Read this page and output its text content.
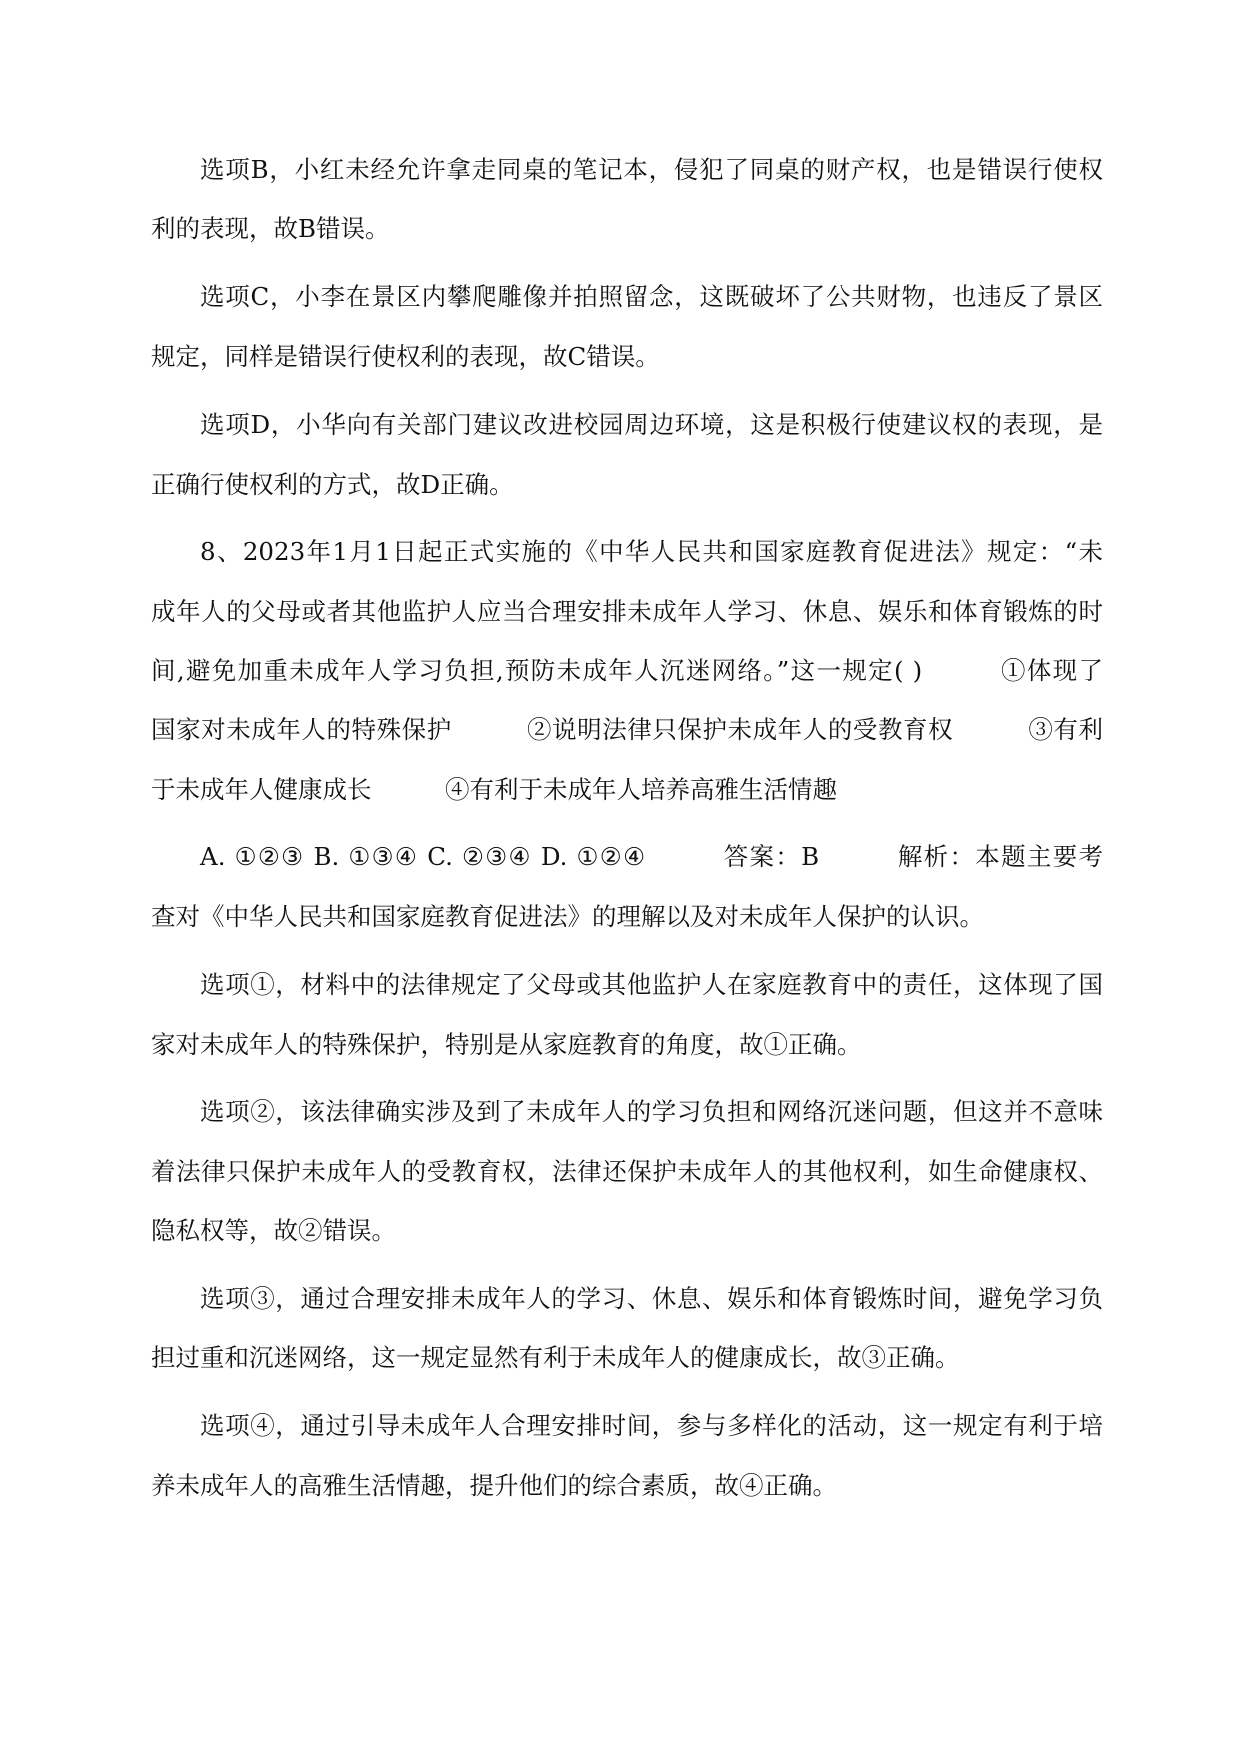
选项B，小红未经允许拿走同桌的笔记本，侵犯了同桌的财产权，也是错误行使权
利的表现，故B错误。
选项C，小李在景区内攀爬雕像并拍照留念，这既破坏了公共财物，也违反了景区
规定，同样是错误行使权利的表现，故C错误。
选项D，小华向有关部门建议改进校园周边环境，这是积极行使建议权的表现，是
正确行使权利的方式，故D正确。
8、2023年1月1日起正式实施的《中华人民共和国家庭教育促进法》规定：“未
成年人的父母或者其他监护人应当合理安排未成年人学习、休息、娱乐和体育锻炼的时
间,避免加重未成年人学习负担,预防未成年人沉迷网络。”这一规定( )　　　①体现了
国家对未成年人的特殊保护　　　②说明法律只保护未成年人的受教育权　　　③有利
于未成年人健康成长　　　④有利于未成年人培养高雅生活情趣
A. ①②③ B. ①③④ C. ②③④ D. ①②④　　　答案：B　　　解析：本题主要考
查对《中华人民共和国家庭教育促进法》的理解以及对未成年人保护的认识。
选项①，材料中的法律规定了父母或其他监护人在家庭教育中的责任，这体现了国
家对未成年人的特殊保护，特别是从家庭教育的角度，故①正确。
选项②，该法律确实涉及到了未成年人的学习负担和网络沉迷问题，但这并不意味
着法律只保护未成年人的受教育权，法律还保护未成年人的其他权利，如生命健康权、
隐私权等，故②错误。
选项③，通过合理安排未成年人的学习、休息、娱乐和体育锻炼时间，避免学习负
担过重和沉迷网络，这一规定显然有利于未成年人的健康成长，故③正确。
选项④，通过引导未成年人合理安排时间，参与多样化的活动，这一规定有利于培
养未成年人的高雅生活情趣，提升他们的综合素质，故④正确。
